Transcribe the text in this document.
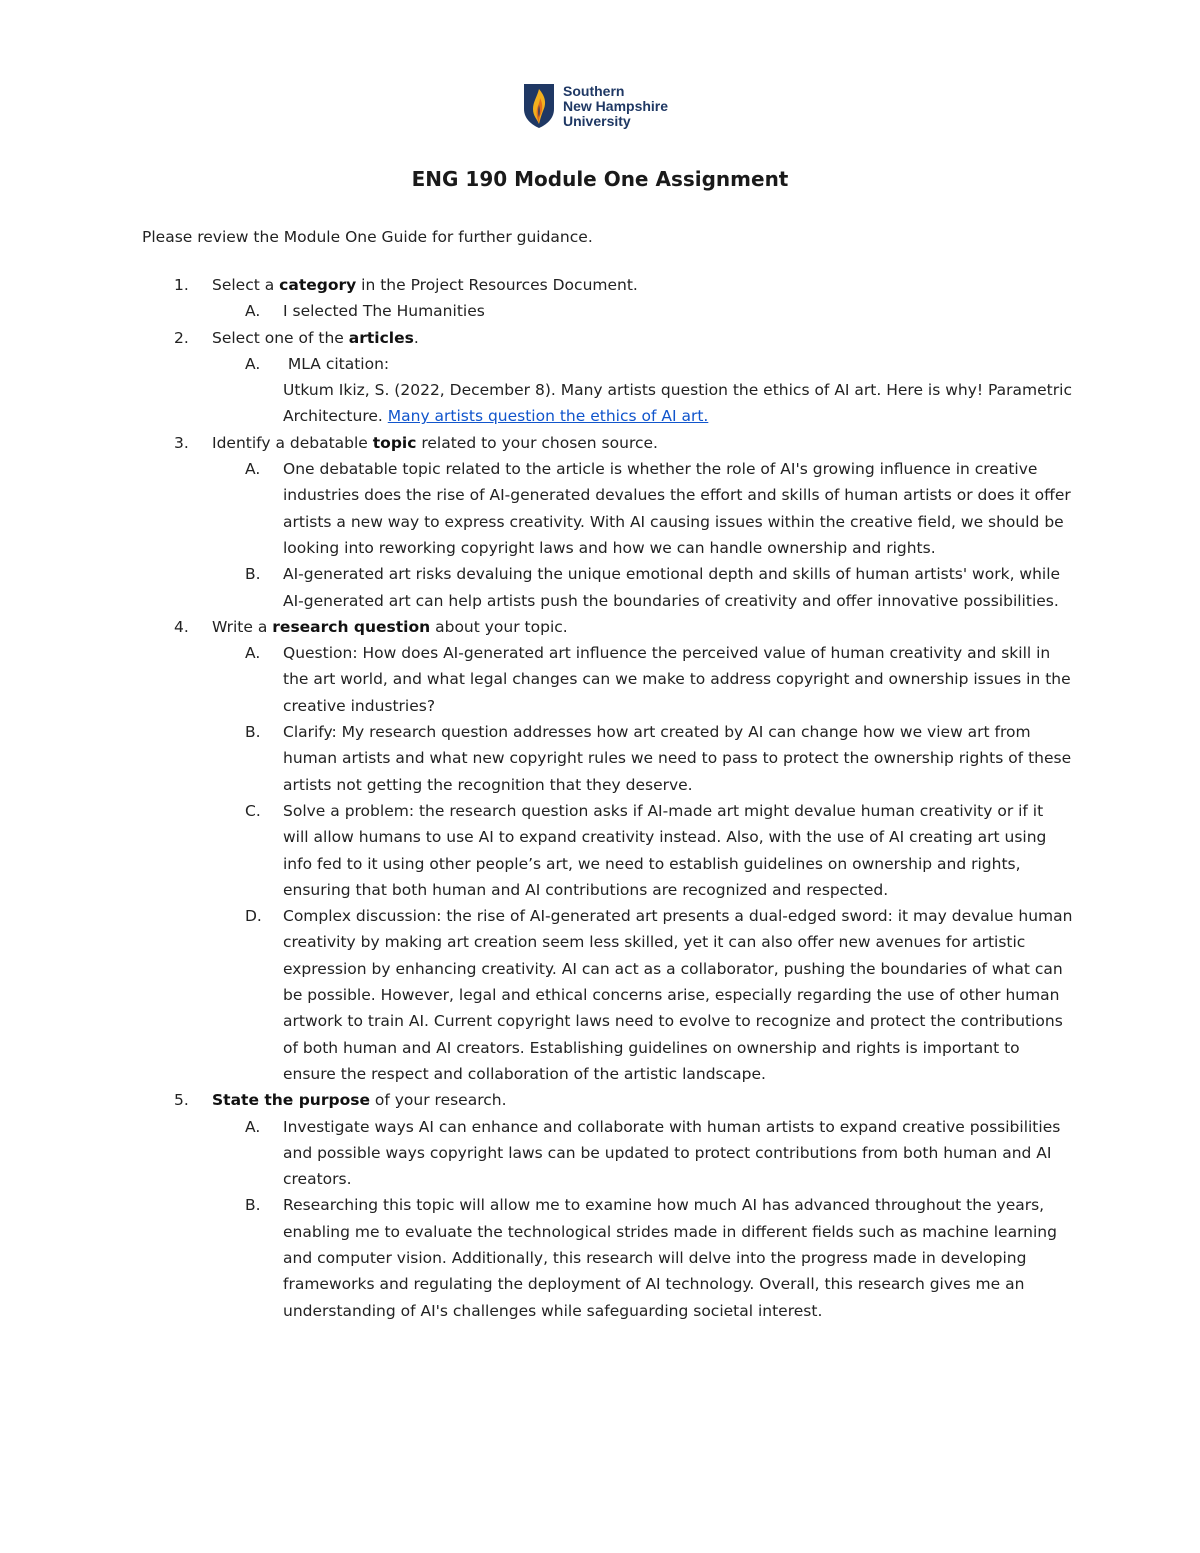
Southern
New Hampshire
University
ENG 190 Module One Assignment

Please review the Module One Guide for further guidance.

1. Select a category in the Project Resources Document.
A. I selected The Humanities
2. Select one of the articles.
A. MLA citation:
Utkum Ikiz, S. (2022, December 8). Many artists question the ethics of AI art. Here is why! Parametric Architecture. Many artists question the ethics of AI art.
3. Identify a debatable topic related to your chosen source.
A. One debatable topic related to the article is whether the role of AI's growing influence in creative industries does the rise of AI-generated devalues the effort and skills of human artists or does it offer artists a new way to express creativity. With AI causing issues within the creative field, we should be looking into reworking copyright laws and how we can handle ownership and rights.
B. AI-generated art risks devaluing the unique emotional depth and skills of human artists' work, while AI-generated art can help artists push the boundaries of creativity and offer innovative possibilities.
4. Write a research question about your topic.
A. Question: How does AI-generated art influence the perceived value of human creativity and skill in the art world, and what legal changes can we make to address copyright and ownership issues in the creative industries?
B. Clarify: My research question addresses how art created by AI can change how we view art from human artists and what new copyright rules we need to pass to protect the ownership rights of these artists not getting the recognition that they deserve.
C. Solve a problem: the research question asks if AI-made art might devalue human creativity or if it will allow humans to use AI to expand creativity instead. Also, with the use of AI creating art using info fed to it using other people’s art, we need to establish guidelines on ownership and rights, ensuring that both human and AI contributions are recognized and respected.
D. Complex discussion: the rise of AI-generated art presents a dual-edged sword: it may devalue human creativity by making art creation seem less skilled, yet it can also offer new avenues for artistic expression by enhancing creativity. AI can act as a collaborator, pushing the boundaries of what can be possible. However, legal and ethical concerns arise, especially regarding the use of other human artwork to train AI. Current copyright laws need to evolve to recognize and protect the contributions of both human and AI creators. Establishing guidelines on ownership and rights is important to ensure the respect and collaboration of the artistic landscape.
5. State the purpose of your research.
A. Investigate ways AI can enhance and collaborate with human artists to expand creative possibilities and possible ways copyright laws can be updated to protect contributions from both human and AI creators.
B. Researching this topic will allow me to examine how much AI has advanced throughout the years, enabling me to evaluate the technological strides made in different fields such as machine learning and computer vision. Additionally, this research will delve into the progress made in developing frameworks and regulating the deployment of AI technology. Overall, this research gives me an understanding of AI's challenges while safeguarding societal interest.
